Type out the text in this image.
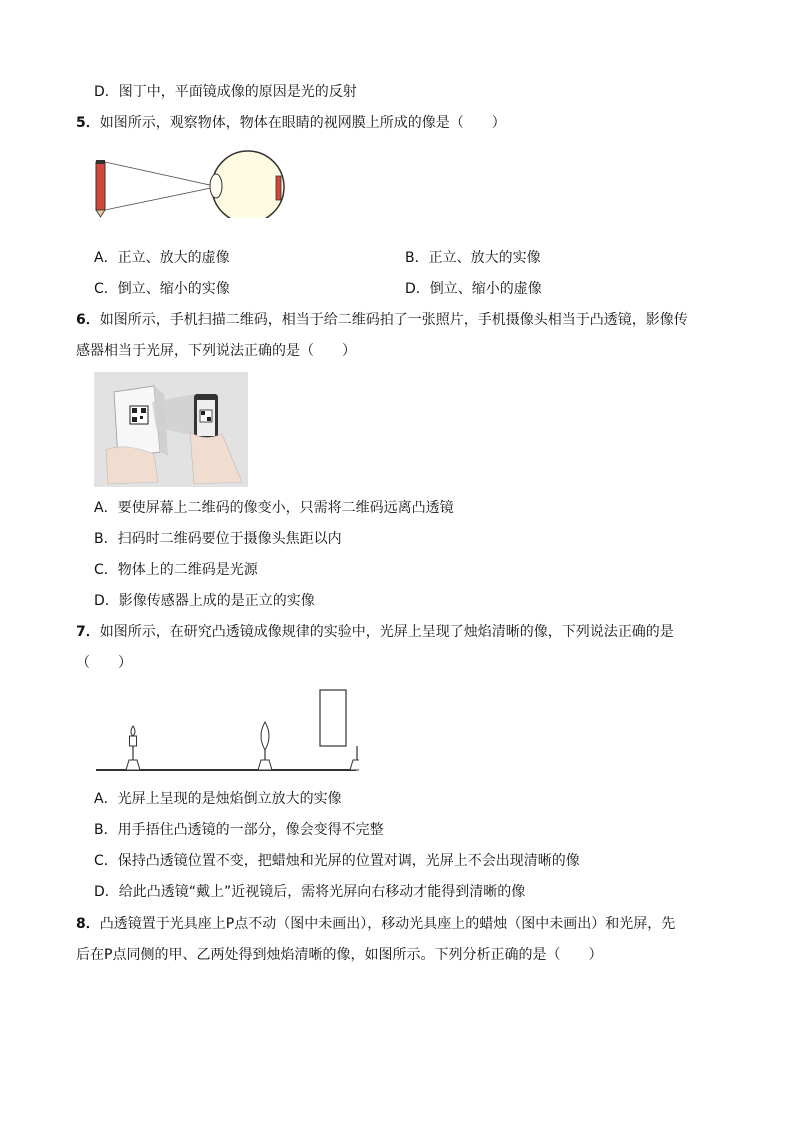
D．图丁中，平面镜成像的原因是光的反射
5．如图所示，观察物体，物体在眼睛的视网膜上所成的像是（　　）
A．正立、放大的虚像	B．正立、放大的实像
C．倒立、缩小的实像	D．倒立、缩小的虚像
6．如图所示，手机扫描二维码，相当于给二维码拍了一张照片，手机摄像头相当于凸透镜，影像传
感器相当于光屏，下列说法正确的是（　　）
A．要使屏幕上二维码的像变小，只需将二维码远离凸透镜
B．扫码时二维码要位于摄像头焦距以内
C．物体上的二维码是光源
D．影像传感器上成的是正立的实像
7．如图所示，在研究凸透镜成像规律的实验中，光屏上呈现了烛焰清晰的像，下列说法正确的是
（　　）
A．光屏上呈现的是烛焰倒立放大的实像
B．用手捂住凸透镜的一部分，像会变得不完整
C．保持凸透镜位置不变，把蜡烛和光屏的位置对调，光屏上不会出现清晰的像
D．给此凸透镜“戴上”近视镜后，需将光屏向右移动才能得到清晰的像
8．凸透镜置于光具座上P点不动（图中未画出），移动光具座上的蜡烛（图中未画出）和光屏，先
后在P点同侧的甲、乙两处得到烛焰清晰的像，如图所示。下列分析正确的是（　　）
